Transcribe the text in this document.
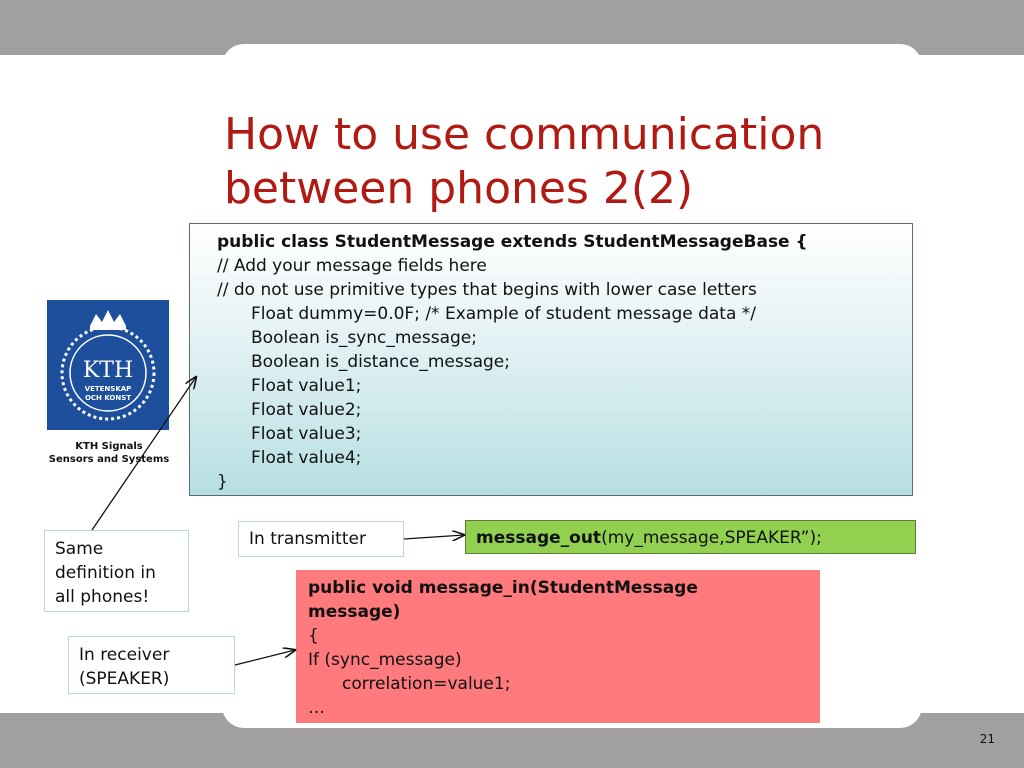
How to use communication
between phones 2(2)
KTH
VETENSKAP
OCH KONST
KTH Signals
Sensors and Systems
public class StudentMessage extends StudentMessageBase {
// Add your message fields here
// do not use primitive types that begins with lower case letters
Float dummy=0.0F; /* Example of student message data */
Boolean is_sync_message;
Boolean is_distance_message;
Float value1;
Float value2;
Float value3;
Float value4;
}
Same
definition in
all phones!
In transmitter	message_out(my_message,SPEAKER”);
public void message_in(StudentMessage
message)
{
If (sync_message)
correlation=value1;
…
In receiver
(SPEAKER)
21
